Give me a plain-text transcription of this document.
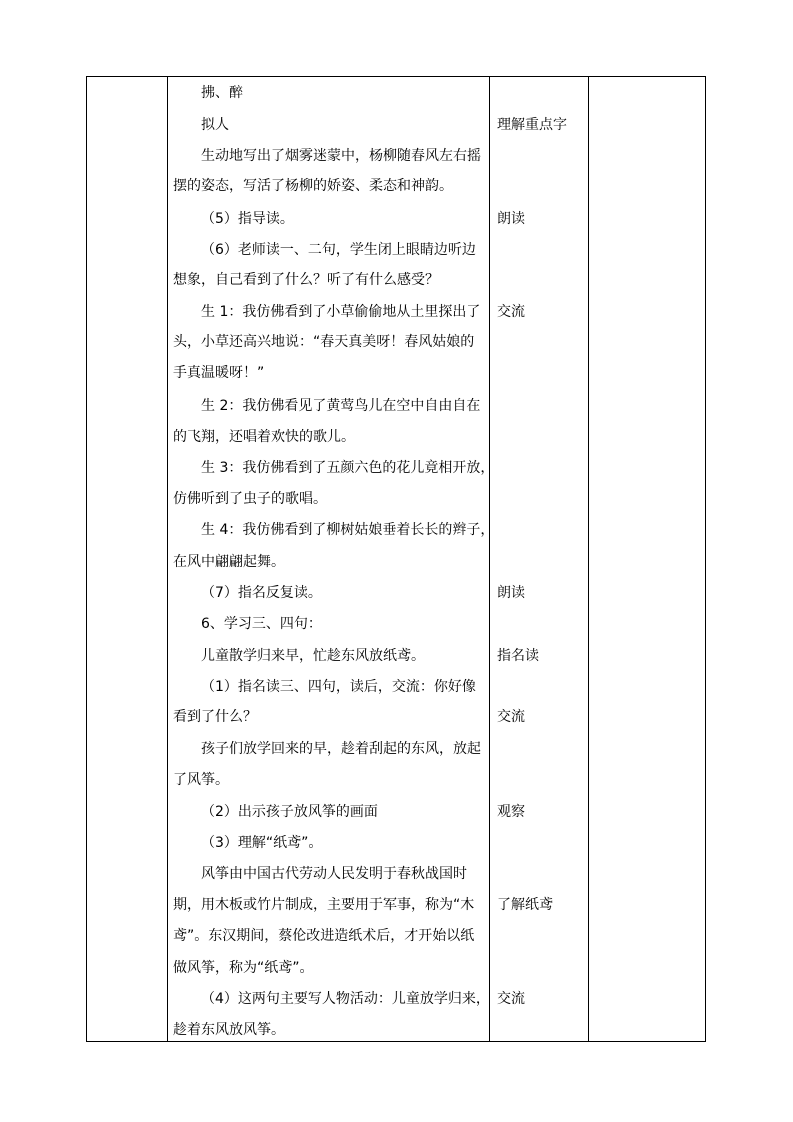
拂、醉
拟人
生动地写出了烟雾迷蒙中，杨柳随春风左右摇
摆的姿态，写活了杨柳的娇姿、柔态和神韵。
（5）指导读。
（6）老师读一、二句，学生闭上眼睛边听边
想象，自己看到了什么？听了有什么感受？
生 1：我仿佛看到了小草偷偷地从土里探出了
头，小草还高兴地说：“春天真美呀！春风姑娘的
手真温暖呀！”
生 2：我仿佛看见了黄莺鸟儿在空中自由自在
的飞翔，还唱着欢快的歌儿。
生 3：我仿佛看到了五颜六色的花儿竟相开放，
仿佛听到了虫子的歌唱。
生 4：我仿佛看到了柳树姑娘垂着长长的辫子，
在风中翩翩起舞。
（7）指名反复读。
6、学习三、四句：
儿童散学归来早，忙趁东风放纸鸢。
（1）指名读三、四句，读后，交流：你好像
看到了什么？
孩子们放学回来的早，趁着刮起的东风，放起
了风筝。
（2）出示孩子放风筝的画面
（3）理解“纸鸢”。
风筝由中国古代劳动人民发明于春秋战国时
期，用木板或竹片制成，主要用于军事，称为“木
鸢”。东汉期间，蔡伦改进造纸术后，才开始以纸
做风筝，称为“纸鸢”。
（4）这两句主要写人物活动：儿童放学归来，
趁着东风放风筝。
理解重点字
朗读
交流
朗读
指名读
交流
观察
了解纸鸢
交流
